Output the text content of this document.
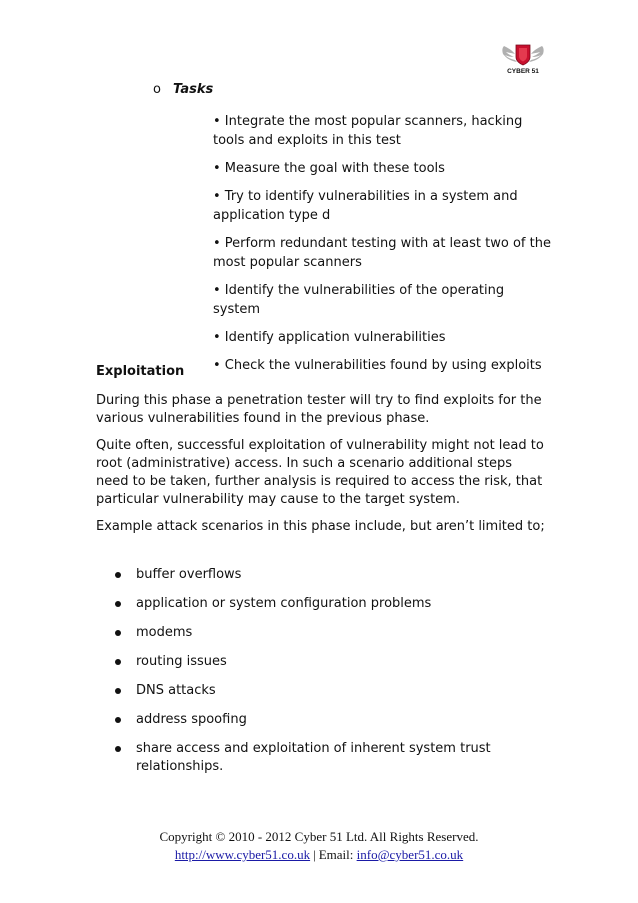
CYBER 51
o Tasks
• Integrate the most popular scanners, hacking tools and exploits in this test
• Measure the goal with these tools
• Try to identify vulnerabilities in a system and application type d
• Perform redundant testing with at least two of the most popular scanners
• Identify the vulnerabilities of the operating system
• Identify application vulnerabilities
• Check the vulnerabilities found by using exploits
Exploitation

During this phase a penetration tester will try to find exploits for the various vulnerabilities found in the previous phase.

Quite often, successful exploitation of vulnerability might not lead to root (administrative) access. In such a scenario additional steps need to be taken, further analysis is required to access the risk, that particular vulnerability may cause to the target system.

Example attack scenarios in this phase include, but aren’t limited to;

buffer overflows
application or system configuration problems
modems
routing issues
DNS attacks
address spoofing
share access and exploitation of inherent system trust relationships.
Copyright © 2010 - 2012 Cyber 51 Ltd. All Rights Reserved.
http://www.cyber51.co.uk | Email: info@cyber51.co.uk
